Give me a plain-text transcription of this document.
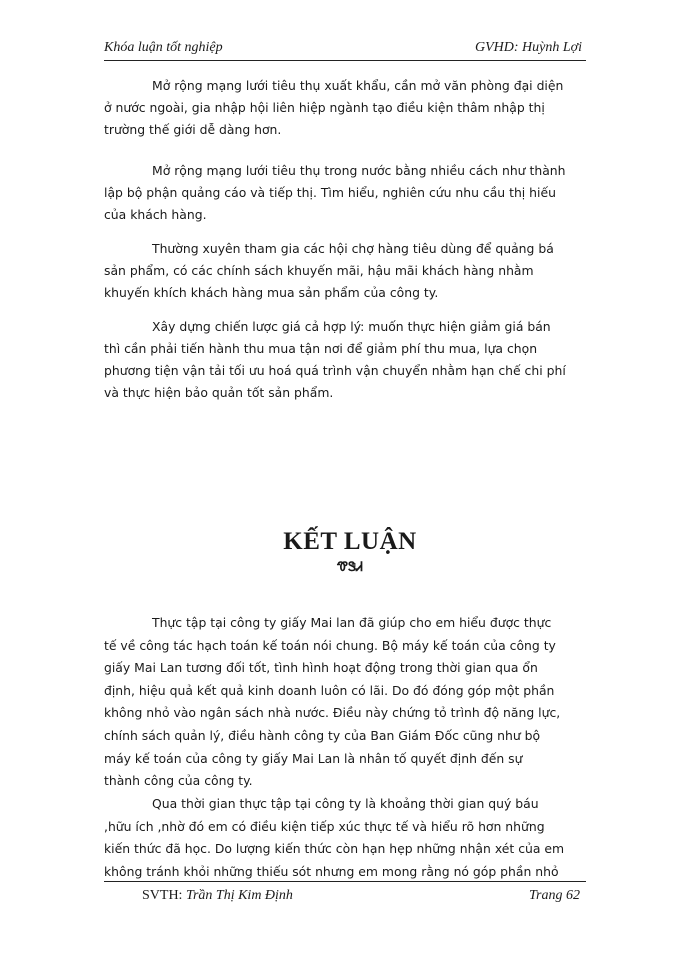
Khóa luận tốt nghiệp	GVHD: Huỳnh Lợi

Mở rộng mạng lưới tiêu thụ xuất khẩu, cần mở văn phòng đại diện
ở nước ngoài, gia nhập hội liên hiệp ngành tạo điều kiện thâm nhập thị
trường thế giới dễ dàng hơn.

Mở rộng mạng lưới tiêu thụ trong nước bằng nhiều cách như thành
lập bộ phận quảng cáo và tiếp thị. Tìm hiểu, nghiên cứu nhu cầu thị hiếu
của khách hàng.

Thường xuyên tham gia các hội chợ hàng tiêu dùng để quảng bá
sản phẩm, có các chính sách khuyến mãi, hậu mãi khách hàng nhằm
khuyến khích khách hàng mua sản phẩm của công ty.

Xây dựng chiến lược giá cả hợp lý: muốn thực hiện giảm giá bán
thì cần phải tiến hành thu mua tận nơi để giảm phí thu mua, lựa chọn
phương tiện vận tải tối ưu hoá quá trình vận chuyển nhằm hạn chế chi phí
và thực hiện bảo quản tốt sản phẩm.

KẾT LUẬN
ᏡᏕᏗ

Thực tập tại công ty giấy Mai lan đã giúp cho em hiểu được thực
tế về công tác hạch toán kế toán nói chung. Bộ máy kế toán của công ty
giấy Mai Lan tương đối tốt, tình hình hoạt động trong thời gian qua ổn
định, hiệu quả kết quả kinh doanh luôn có lãi. Do đó đóng góp một phần
không nhỏ vào ngân sách nhà nước. Điều này chứng tỏ trình độ năng lực,
chính sách quản lý, điều hành công ty của Ban Giám Đốc cũng như bộ
máy kế toán của công ty giấy Mai Lan là nhân tố quyết định đến sự
thành công của công ty.

Qua thời gian thực tập tại công ty là khoảng thời gian quý báu
,hữu ích ,nhờ đó em có điều kiện tiếp xúc thực tế và hiểu rõ hơn những
kiến thức đã học. Do lượng kiến thức còn hạn hẹp những nhận xét của em
không tránh khỏi những thiếu sót nhưng em mong rằng nó góp phần nhỏ

SVTH: Trần Thị Kim Định	Trang 62
